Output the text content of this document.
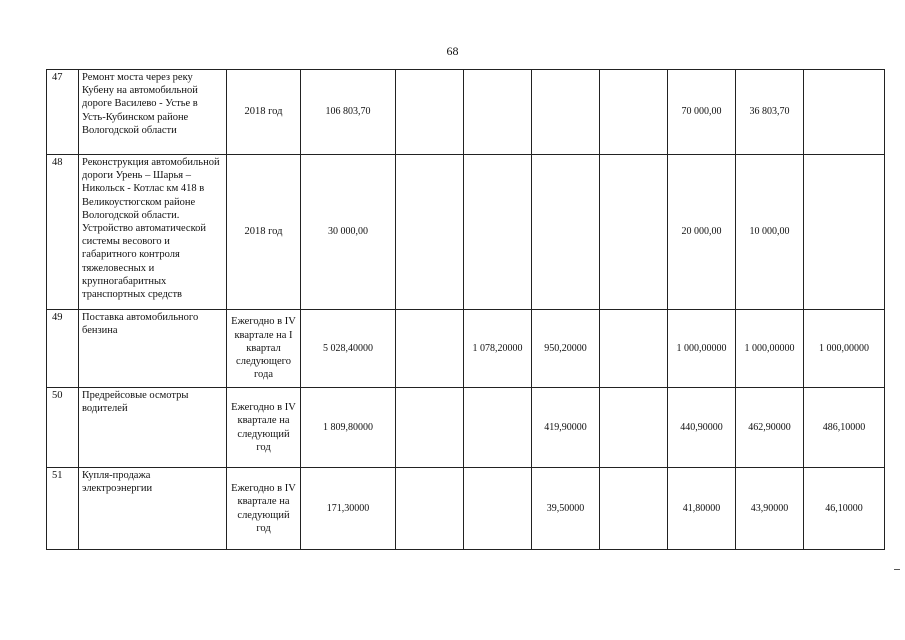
68
47	Ремонт моста через реку Кубену на автомобильной дороге Василево - Устье в Усть-Кубинском районе Вологодской области	2018 год	106 803,70					70 000,00	36 803,70	
48	Реконструкция автомобильной дороги Урень – Шарья – Никольск - Котлас км 418 в Великоустюгском районе Вологодской области. Устройство автоматической системы весового и габаритного контроля тяжеловесных и крупногабаритных транспортных средств	2018 год	30 000,00					20 000,00	10 000,00	
49	Поставка автомобильного бензина	Ежегодно в IV квартале на I квартал следующего года	5 028,40000		1 078,20000	950,20000		1 000,00000	1 000,00000	1 000,00000
50	Предрейсовые осмотры водителей	Ежегодно в IV квартале на следующий год	1 809,80000			419,90000		440,90000	462,90000	486,10000
51	Купля-продажа электроэнергии	Ежегодно в IV квартале на следующий год	171,30000			39,50000		41,80000	43,90000	46,10000
